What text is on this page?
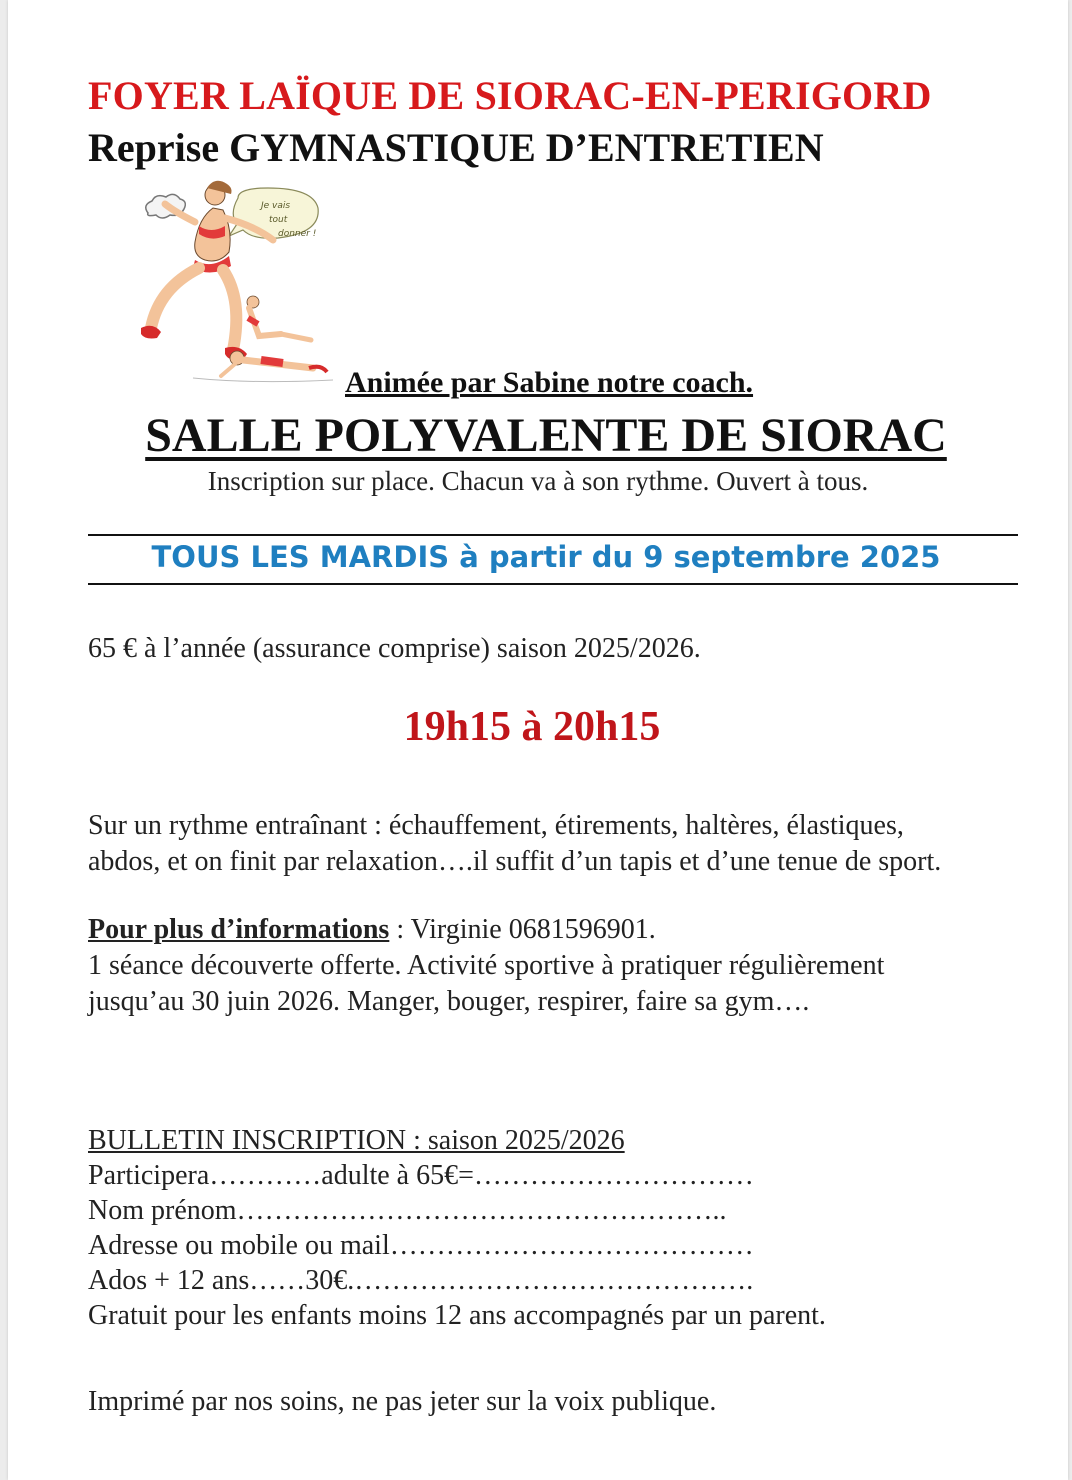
FOYER LAÏQUE DE SIORAC-EN-PERIGORD
Reprise GYMNASTIQUE D’ENTRETIEN
Je vais
tout
donner !

Animée par Sabine notre coach.

SALLE POLYVALENTE DE SIORAC

Inscription sur place. Chacun va à son rythme. Ouvert à tous.

TOUS LES MARDIS à partir du 9 septembre 2025

65 € à l’année (assurance comprise) saison 2025/2026.

19h15 à 20h15

Sur un rythme entraînant : échauffement, étirements, haltères, élastiques,
abdos, et on finit par relaxation….il suffit d’un tapis et d’une tenue de sport.
Pour plus d’informations : Virginie 0681596901.
1 séance découverte offerte. Activité sportive à pratiquer régulièrement
jusqu’au 30 juin 2026. Manger, bouger, respirer, faire sa gym….
BULLETIN INSCRIPTION : saison 2025/2026
Participera…………adulte à 65€=…………………………
Nom prénom……………………………………………..
Adresse ou mobile ou mail…………………………………
Ados + 12 ans……30€.…………………………………….
Gratuit pour les enfants moins 12 ans accompagnés par un parent.

Imprimé par nos soins, ne pas jeter sur la voix publique.
